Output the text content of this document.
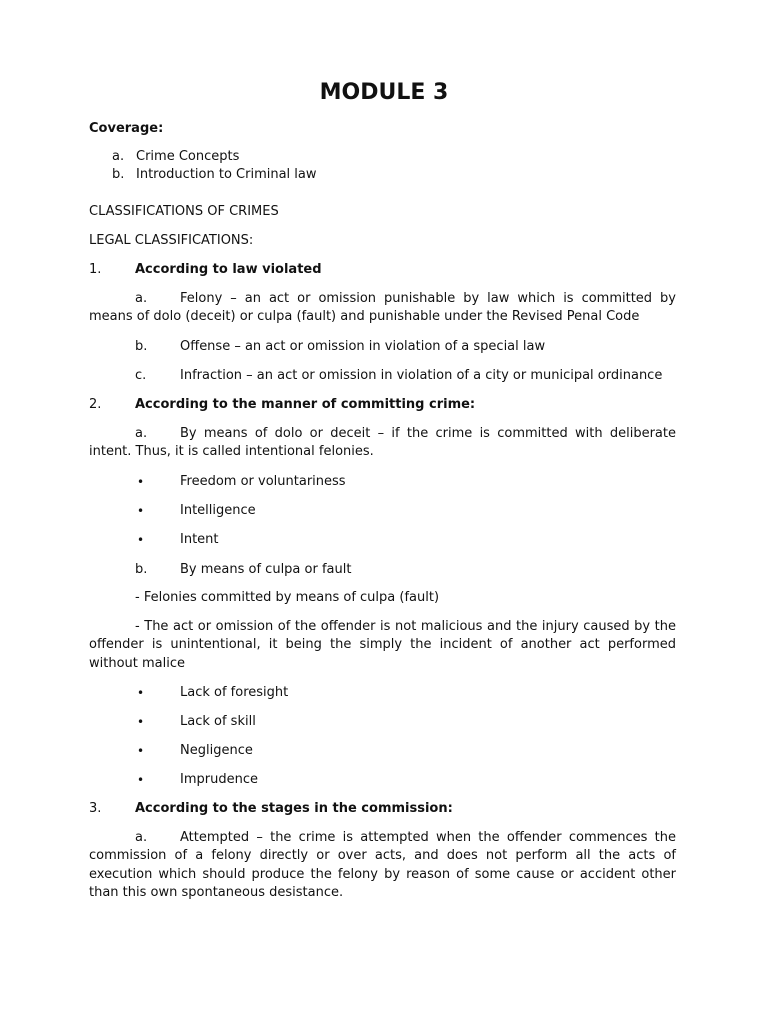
MODULE 3
Coverage:
a. Crime Concepts
b. Introduction to Criminal law
CLASSIFICATIONS OF CRIMES
LEGAL CLASSIFICATIONS:
1.	According to law violated
a.	Felony – an act or omission punishable by law which is committed by means of dolo (deceit) or culpa (fault) and punishable under the Revised Penal Code
b.	Offense – an act or omission in violation of a special law
c.	Infraction – an act or omission in violation of a city or municipal ordinance
2.	According to the manner of committing crime:
a.	By means of dolo or deceit – if the crime is committed with deliberate intent. Thus, it is called intentional felonies.
•	Freedom or voluntariness
•	Intelligence
•	Intent
b.	By means of culpa or fault
- Felonies committed by means of culpa (fault)
- The act or omission of the offender is not malicious and the injury caused by the offender is unintentional, it being the simply the incident of another act performed without malice
•	Lack of foresight
•	Lack of skill
•	Negligence
•	Imprudence
3.	According to the stages in the commission:
a.	Attempted – the crime is attempted when the offender commences the commission of a felony directly or over acts, and does not perform all the acts of execution which should produce the felony by reason of some cause or accident other than this own spontaneous desistance.
